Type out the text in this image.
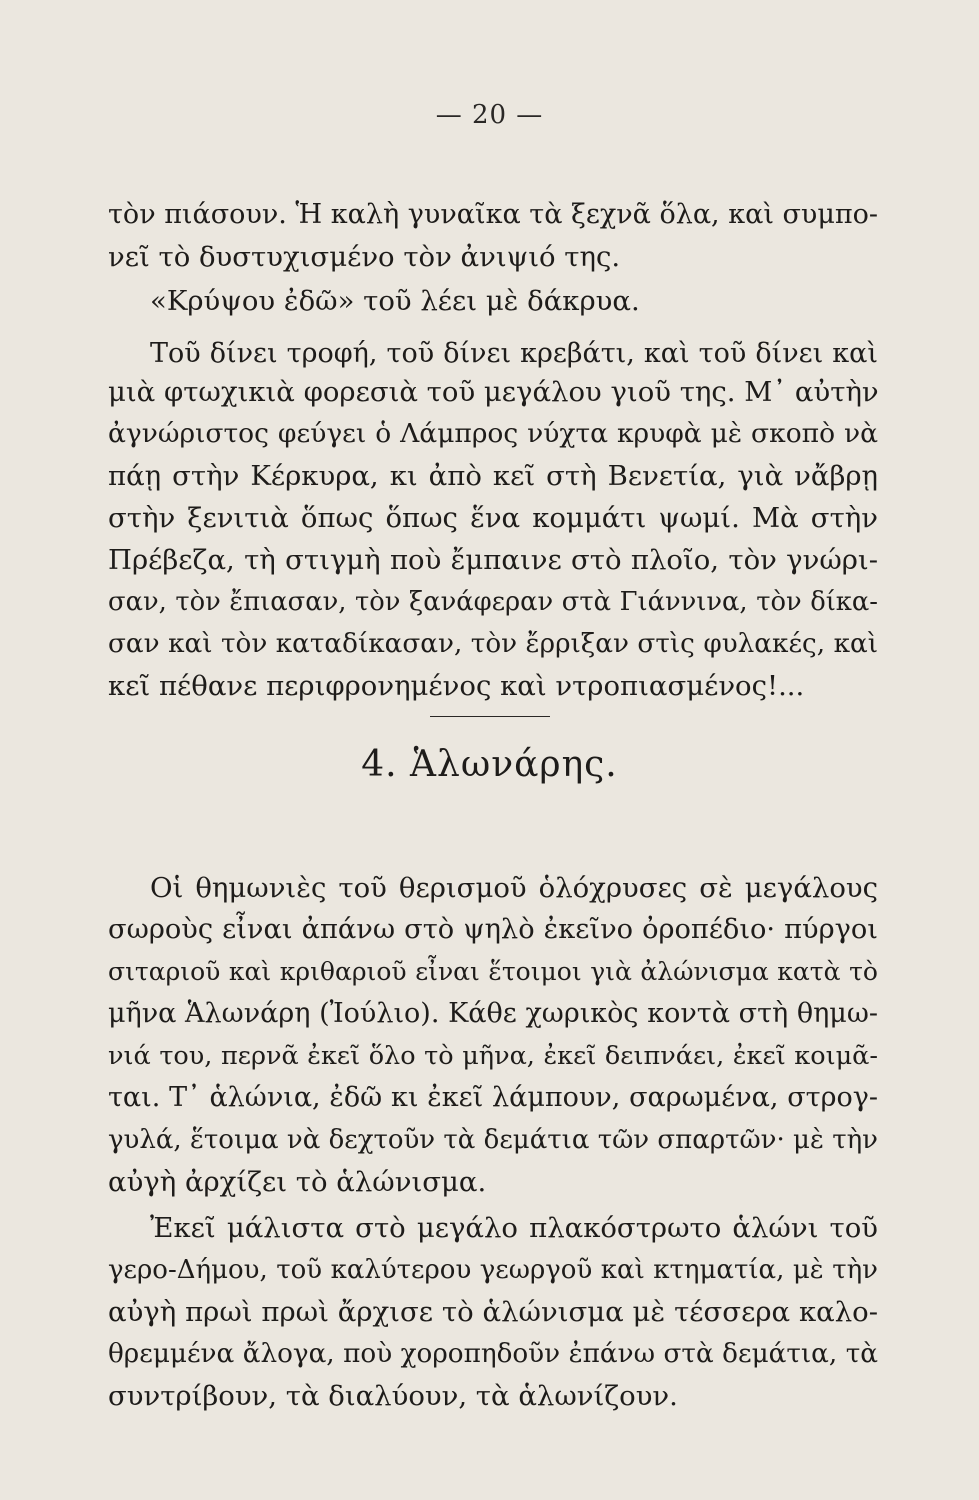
— 20 —
τὸν πιάσουν. Ἡ καλὴ γυναῖκα τὰ ξεχνᾶ ὅλα, καὶ συμπο-
νεῖ τὸ δυστυχισμένο τὸν ἀνιψιό της.
«Κρύψου ἐδῶ» τοῦ λέει μὲ δάκρυα.
Τοῦ δίνει τροφή, τοῦ δίνει κρεβάτι, καὶ τοῦ δίνει καὶ
μιὰ φτωχικιὰ φορεσιὰ τοῦ μεγάλου γιοῦ της. Μ᾿ αὐτὴν
ἀγνώριστος φεύγει ὁ Λάμπρος νύχτα κρυφὰ μὲ σκοπὸ νὰ
πάῃ στὴν Κέρκυρα, κι ἀπὸ κεῖ στὴ Βενετία, γιὰ νἄβρῃ
στὴν ξενιτιὰ ὅπως ὅπως ἕνα κομμάτι ψωμί. Μὰ στὴν
Πρέβεζα, τὴ στιγμὴ ποὺ ἔμπαινε στὸ πλοῖο, τὸν γνώρι-
σαν, τὸν ἔπιασαν, τὸν ξανάφεραν στὰ Γιάννινα, τὸν δίκα-
σαν καὶ τὸν καταδίκασαν, τὸν ἔρριξαν στὶς φυλακές, καὶ
κεῖ πέθανε περιφρονημένος καὶ ντροπιασμένος!...
4. Ἁλωνάρης.
Οἱ θημωνιὲς τοῦ θερισμοῦ ὁλόχρυσες σὲ μεγάλους
σωροὺς εἶναι ἀπάνω στὸ ψηλὸ ἐκεῖνο ὀροπέδιο· πύργοι
σιταριοῦ καὶ κριθαριοῦ εἶναι ἕτοιμοι γιὰ ἀλώνισμα κατὰ τὸ
μῆνα Ἁλωνάρη (Ἰούλιο). Κάθε χωρικὸς κοντὰ στὴ θημω-
νιά του, περνᾶ ἐκεῖ ὅλο τὸ μῆνα, ἐκεῖ δειπνάει, ἐκεῖ κοιμᾶ-
ται. Τ᾿ ἁλώνια, ἐδῶ κι ἐκεῖ λάμπουν, σαρωμένα, στρογ-
γυλά, ἕτοιμα νὰ δεχτοῦν τὰ δεμάτια τῶν σπαρτῶν· μὲ τὴν
αὐγὴ ἀρχίζει τὸ ἁλώνισμα.
Ἐκεῖ μάλιστα στὸ μεγάλο πλακόστρωτο ἁλώνι τοῦ
γερο-Δήμου, τοῦ καλύτερου γεωργοῦ καὶ κτηματία, μὲ τὴν
αὐγὴ πρωὶ πρωὶ ἄρχισε τὸ ἁλώνισμα μὲ τέσσερα καλο-
θρεμμένα ἄλογα, ποὺ χοροπηδοῦν ἐπάνω στὰ δεμάτια, τὰ
συντρίβουν, τὰ διαλύουν, τὰ ἁλωνίζουν.
